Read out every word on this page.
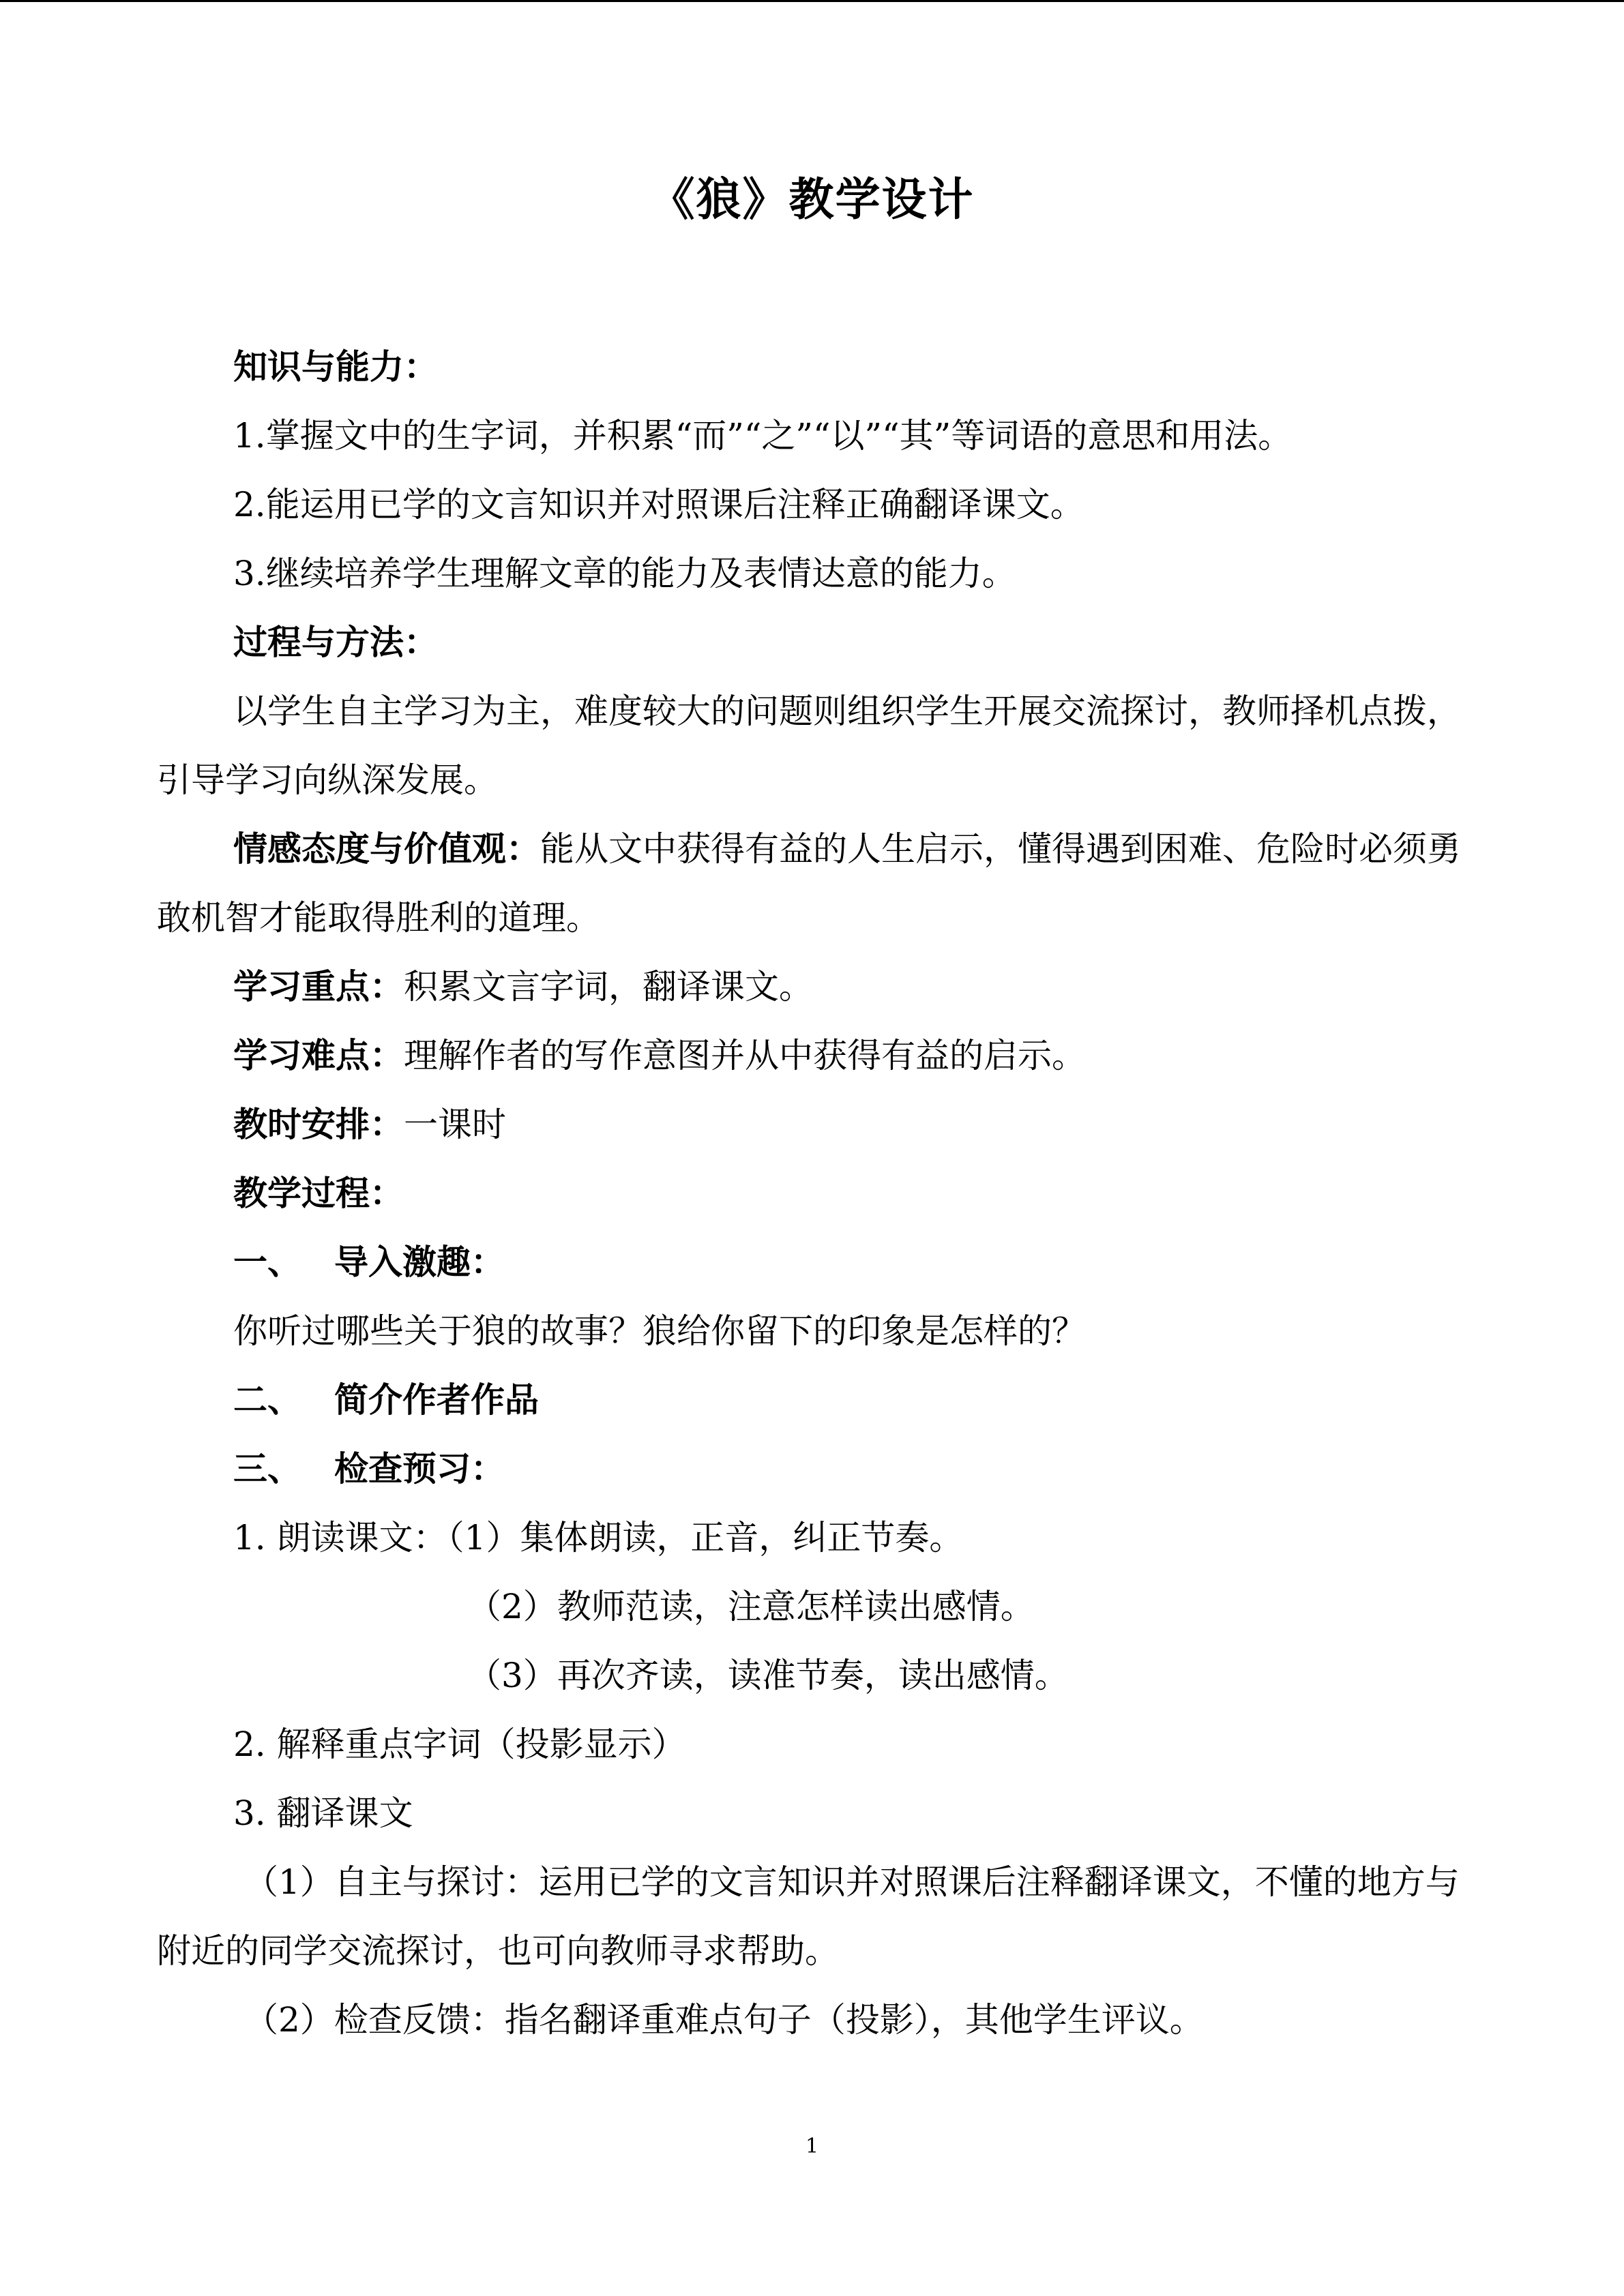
《狼》教学设计

知识与能力：

1.掌握文中的生字词，并积累“而”“之”“以”“其”等词语的意思和用法。

2.能运用已学的文言知识并对照课后注释正确翻译课文。

3.继续培养学生理解文章的能力及表情达意的能力。

过程与方法：

以学生自主学习为主，难度较大的问题则组织学生开展交流探讨，教师择机点拨，引导学习向纵深发展。

情感态度与价值观：能从文中获得有益的人生启示，懂得遇到困难、危险时必须勇敢机智才能取得胜利的道理。

学习重点：积累文言字词，翻译课文。

学习难点：理解作者的写作意图并从中获得有益的启示。

教时安排：一课时

教学过程：

一、 导入激趣：

你听过哪些关于狼的故事？狼给你留下的印象是怎样的？

二、 简介作者作品

三、 检查预习：

1. 朗读课文：（1）集体朗读，正音，纠正节奏。

（2）教师范读，注意怎样读出感情。

（3）再次齐读，读准节奏，读出感情。

2. 解释重点字词（投影显示）

3. 翻译课文

（1）自主与探讨：运用已学的文言知识并对照课后注释翻译课文，不懂的地方与附近的同学交流探讨，也可向教师寻求帮助。

（2）检查反馈：指名翻译重难点句子（投影），其他学生评议。

1
